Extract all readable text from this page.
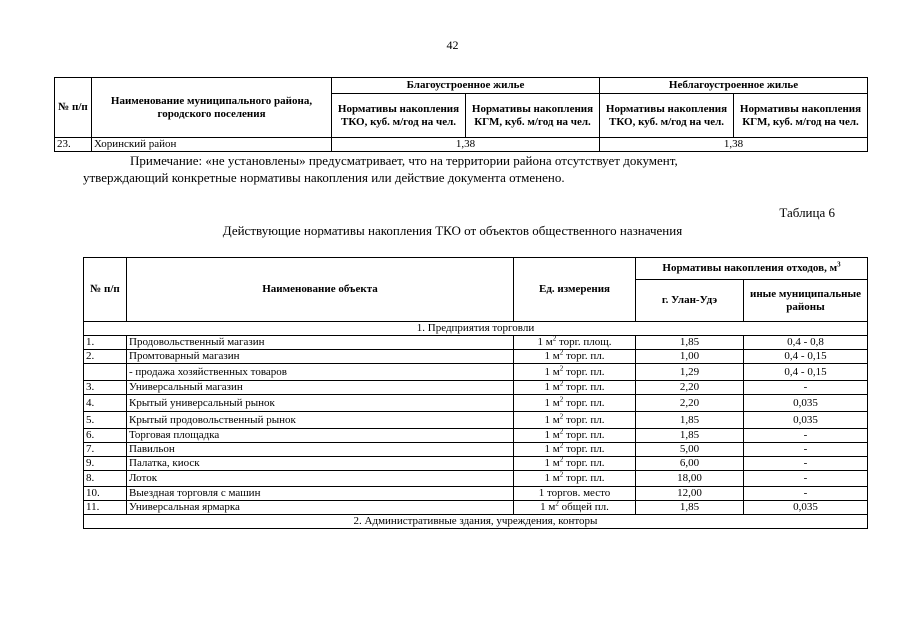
42
№ п/п	Наименование муниципального района, городского поселения	Благоустроенное жилье		Неблагоустроенное жилье	
		Нормативы накопления ТКО, куб. м/год на чел.	Нормативы накопления КГМ, куб. м/год на чел.	Нормативы накопления ТКО, куб. м/год на чел.	Нормативы накопления КГМ, куб. м/год на чел.
23.	Хоринский район	1,38		1,38	
Примечание: «не установлены» предусматривает, что на территории района отсутствует документ,
утверждающий конкретные нормативы накопления или действие документа отменено.
Таблица 6
Действующие нормативы накопления ТКО от объектов общественного назначения
№ п/п	Наименование объекта	Ед. измерения	Нормативы накопления отходов, $м^3$
			г. Улан-Удэ	иные муниципальные районы
1. Предприятия торговли				
1.	Продовольственный магазин	1 $м^2$ торг. площ.	1,85	0,4 - 0,8
2.	Промтоварный магазин	1 $м^2$ торг. пл.	1,00	0,4 - 0,15
	- продажа хозяйственных товаров	1 $м^2$ торг. пл.	1,29	0,4 - 0,15
3.	Универсальный магазин	1 $м^2$ торг. пл.	2,20	-
4.	Крытый универсальный рынок	1 $м^2$ торг. пл.	2,20	0,035
5.	Крытый продовольственный рынок	1 $м^2$ торг. пл.	1,85	0,035
6.	Торговая площадка	1 $м^2$ торг. пл.	1,85	-
7.	Павильон	1 $м^2$ торг. пл.	5,00	-
9.	Палатка, киоск	1 $м^2$ торг. пл.	6,00	-
8.	Лоток	1 $м^2$ торг. пл.	18,00	-
10.	Выездная торговля с машин	1 торгов. место	12,00	-
11.	Универсальная ярмарка	1 $м^2$ общей пл.	1,85	0,035
2. Административные здания, учреждения, конторы				
